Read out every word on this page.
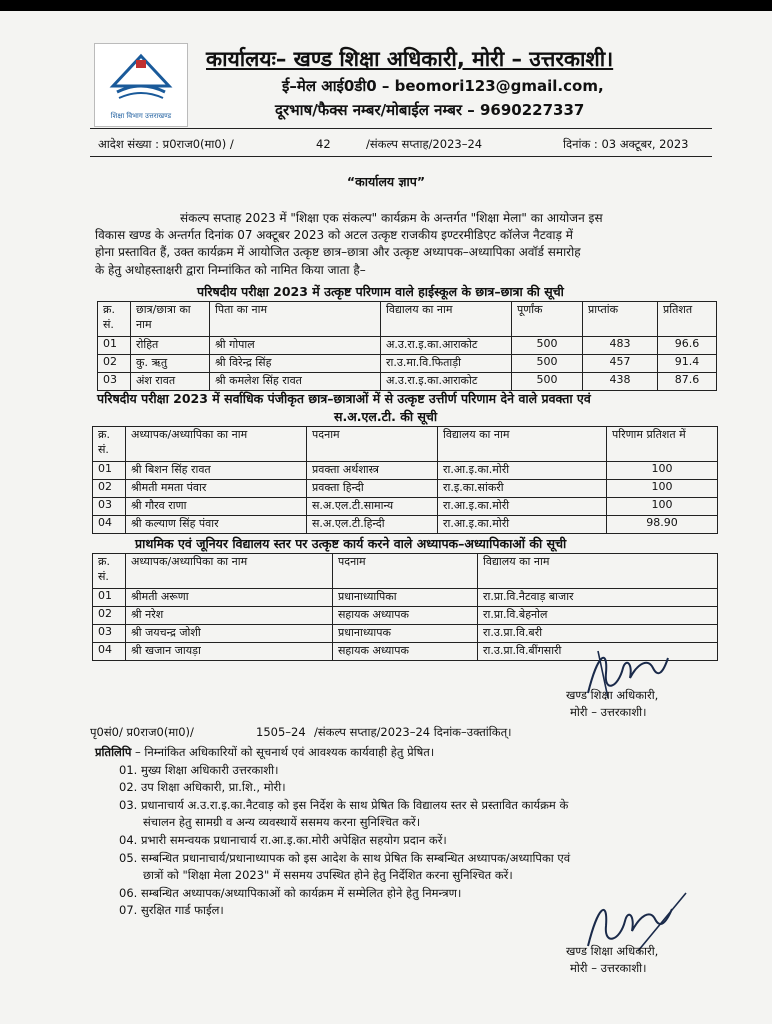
शिक्षा विभाग उत्तराखण्ड
कार्यालयः– खण्ड शिक्षा अधिकारी, मोरी – उत्तरकाशी।
ई–मेल आई0डी0 – beomori123@gmail.com,
दूरभाष/फैक्स नम्बर/मोबाईल नम्बर – 9690227337
आदेश संख्या : प्र0राज0(मा0) /	42	/संकल्प सप्ताह/2023–24	दिनांक : 03 अक्टूबर, 2023
“कार्यालय ज्ञाप”
संकल्प सप्ताह 2023 में "शिक्षा एक संकल्प" कार्यक्रम के अन्तर्गत "शिक्षा मेला" का आयोजन इस
विकास खण्ड के अन्तर्गत दिनांक 07 अक्टूबर 2023 को अटल उत्कृष्ट राजकीय इण्टरमीडिएट कॉलेज नैटवाड़ में
होना प्रस्तावित हैं, उक्त कार्यक्रम में आयोजित उत्कृष्ट छात्र–छात्रा और उत्कृष्ट अध्यापक–अध्यापिका अवॉर्ड समारोह
के हेतु अधोहस्ताक्षरी द्वारा निम्नांकित को नामित किया जाता है–
परिषदीय परीक्षा 2023 में उत्कृष्ट परिणाम वाले हाईस्कूल के छात्र–छात्रा की सूची
क्र. सं.	छात्र/छात्रा का नाम	पिता का नाम	विद्यालय का नाम	पूर्णांक	प्राप्तांक	प्रतिशत
01	रोहित	श्री गोपाल	अ.उ.रा.इ.का.आराकोट	500	483	96.6
02	कु. ऋतु	श्री विरेन्द्र सिंह	रा.उ.मा.वि.फिताड़ी	500	457	91.4
03	अंश रावत	श्री कमलेश सिंह रावत	अ.उ.रा.इ.का.आराकोट	500	438	87.6
परिषदीय परीक्षा 2023 में सर्वाधिक पंजीकृत छात्र–छात्राओं में से उत्कृष्ट उत्तीर्ण परिणाम देने वाले प्रवक्ता एवं
स.अ.एल.टी. की सूची
क्र. सं.	अध्यापक/अध्यापिका का नाम	पदनाम	विद्यालय का नाम	परिणाम प्रतिशत में
01	श्री बिशन सिंह रावत	प्रवक्ता अर्थशास्त्र	रा.आ.इ.का.मोरी	100
02	श्रीमती ममता पंवार	प्रवक्ता हिन्दी	रा.इ.का.सांकरी	100
03	श्री गौरव राणा	स.अ.एल.टी.सामान्य	रा.आ.इ.का.मोरी	100
04	श्री कल्याण सिंह पंवार	स.अ.एल.टी.हिन्दी	रा.आ.इ.का.मोरी	98.90
प्राथमिक एवं जूनियर विद्यालय स्तर पर उत्कृष्ट कार्य करने वाले अध्यापक–अध्यापिकाओं की सूची
क्र. सं.	अध्यापक/अध्यापिका का नाम	पदनाम	विद्यालय का नाम
01	श्रीमती अरूणा	प्रधानाध्यापिका	रा.प्रा.वि.नैटवाड़ बाजार
02	श्री नरेश	सहायक अध्यापक	रा.प्रा.वि.बेहनोल
03	श्री जयचन्द्र जोशी	प्रधानाध्यापक	रा.उ.प्रा.वि.बरी
04	श्री खजान जायड़ा	सहायक अध्यापक	रा.उ.प्रा.वि.बींगसारी
खण्ड शिक्षा अधिकारी,
मोरी – उत्तरकाशी।
पृ0सं0/ प्र0राज0(मा0)/	1505–24 /संकल्प सप्ताह/2023–24 दिनांक–उक्तांकित्।
प्रतिलिपि – निम्नांकित अधिकारियों को सूचनार्थ एवं आवश्यक कार्यवाही हेतु प्रेषित।
01. मुख्य शिक्षा अधिकारी उत्तरकाशी।
02. उप शिक्षा अधिकारी, प्रा.शि., मोरी।
03. प्रधानाचार्य अ.उ.रा.इ.का.नैटवाड़ को इस निर्देश के साथ प्रेषित कि विद्यालय स्तर से प्रस्तावित कार्यक्रम के
संचालन हेतु सामग्री व अन्य व्यवस्थायें ससमय करना सुनिश्चित करें।
04. प्रभारी समन्वयक प्रधानाचार्य रा.आ.इ.का.मोरी अपेक्षित सहयोग प्रदान करें।
05. सम्बन्धित प्रधानाचार्य/प्रधानाध्यापक को इस आदेश के साथ प्रेषित कि सम्बन्धित अध्यापक/अध्यापिका एवं
छात्रों को "शिक्षा मेला 2023" में ससमय उपस्थित होने हेतु निर्देशित करना सुनिश्चित करें।
06. सम्बन्धित अध्यापक/अध्यापिकाओं को कार्यक्रम में सम्मेलित होने हेतु निमन्त्रण।
07. सुरक्षित गार्ड फाईल।
खण्ड शिक्षा अधिकारी,
मोरी – उत्तरकाशी।
